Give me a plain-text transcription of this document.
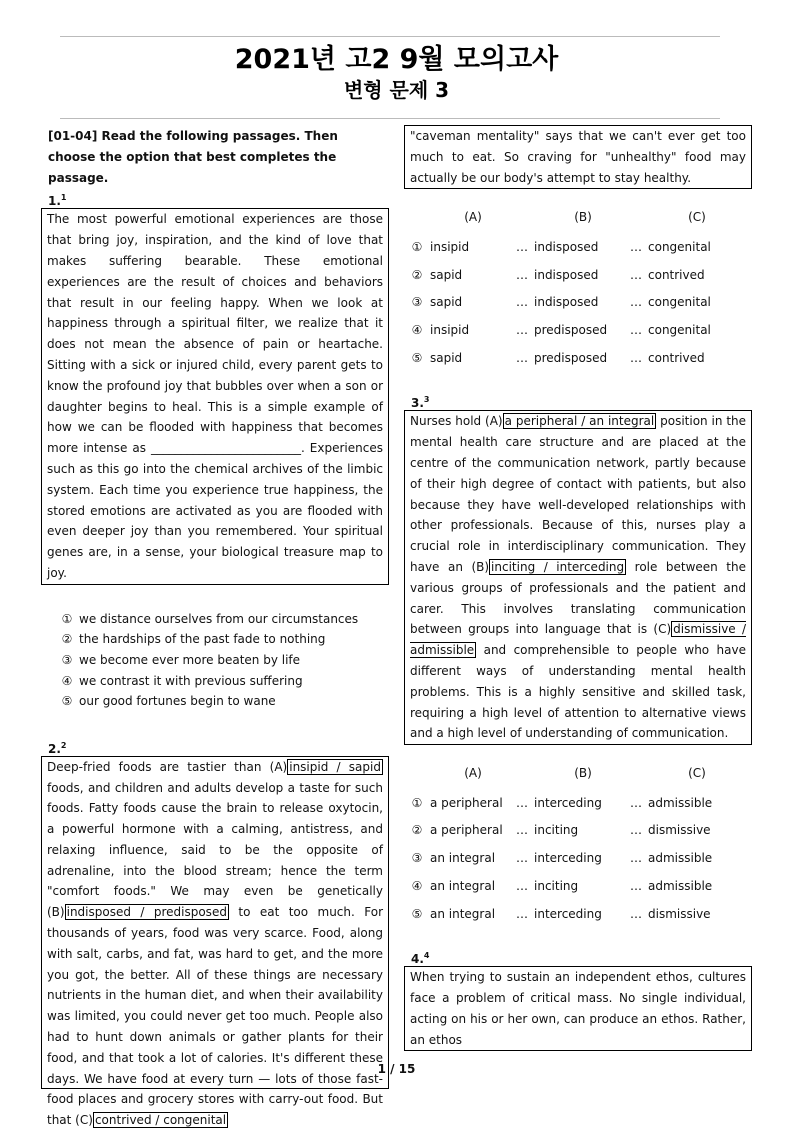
2021년 고2 9월 모의고사
변형 문제 3
[01-04] Read the following passages. Then choose the option that best completes the passage.
1.$^1$
The most powerful emotional experiences are those that bring joy, inspiration, and the kind of love that makes suffering bearable. These emotional experiences are the result of choices and behaviors that result in our feeling happy. When we look at happiness through a spiritual filter, we realize that it does not mean the absence of pain or heartache. Sitting with a sick or injured child, every parent gets to know the profound joy that bubbles over when a son or daughter begins to heal. This is a simple example of how we can be flooded with happiness that becomes more intense as _________________________. Experiences such as this go into the chemical archives of the limbic system. Each time you experience true happiness, the stored emotions are activated as you are flooded with even deeper joy than you remembered. Your spiritual genes are, in a sense, your biological treasure map to joy.
① we distance ourselves from our circumstances
② the hardships of the past fade to nothing
③ we become ever more beaten by life
④ we contrast it with previous suffering
⑤ our good fortunes begin to wane
2.$^2$
Deep-fried foods are tastier than (A) insipid / sapid foods, and children and adults develop a taste for such foods. Fatty foods cause the brain to release oxytocin, a powerful hormone with a calming, antistress, and relaxing influence, said to be the opposite of adrenaline, into the blood stream; hence the term "comfort foods." We may even be genetically (B) indisposed / predisposed to eat too much. For thousands of years, food was very scarce. Food, along with salt, carbs, and fat, was hard to get, and the more you got, the better. All of these things are necessary nutrients in the human diet, and when their availability was limited, you could never get too much. People also had to hunt down animals or gather plants for their food, and that took a lot of calories. It's different these days. We have food at every turn — lots of those fast-food places and grocery stores with carry-out food. But that (C) contrived / congenital
"caveman mentality" says that we can't ever get too much to eat. So craving for "unhealthy" food may actually be our body's attempt to stay healthy.
(A)	(B)	(C)
① insipid	… indisposed	… congenital
② sapid	… indisposed	… contrived
③ sapid	… indisposed	… congenital
④ insipid	… predisposed	… congenital
⑤ sapid	… predisposed	… contrived
3.$^3$
Nurses hold (A) a peripheral / an integral position in the mental health care structure and are placed at the centre of the communication network, partly because of their high degree of contact with patients, but also because they have well-developed relationships with other professionals. Because of this, nurses play a crucial role in interdisciplinary communication. They have an (B) inciting / interceding role between the various groups of professionals and the patient and carer. This involves translating communication between groups into language that is (C) dismissive / admissible and comprehensible to people who have different ways of understanding mental health problems. This is a highly sensitive and skilled task, requiring a high level of attention to alternative views and a high level of understanding of communication.
(A)	(B)	(C)
① a peripheral	… interceding	… admissible
② a peripheral	… inciting	… dismissive
③ an integral	… interceding	… admissible
④ an integral	… inciting	… admissible
⑤ an integral	… interceding	… dismissive
4.$^4$
When trying to sustain an independent ethos, cultures face a problem of critical mass. No single individual, acting on his or her own, can produce an ethos. Rather, an ethos
1 / 15
